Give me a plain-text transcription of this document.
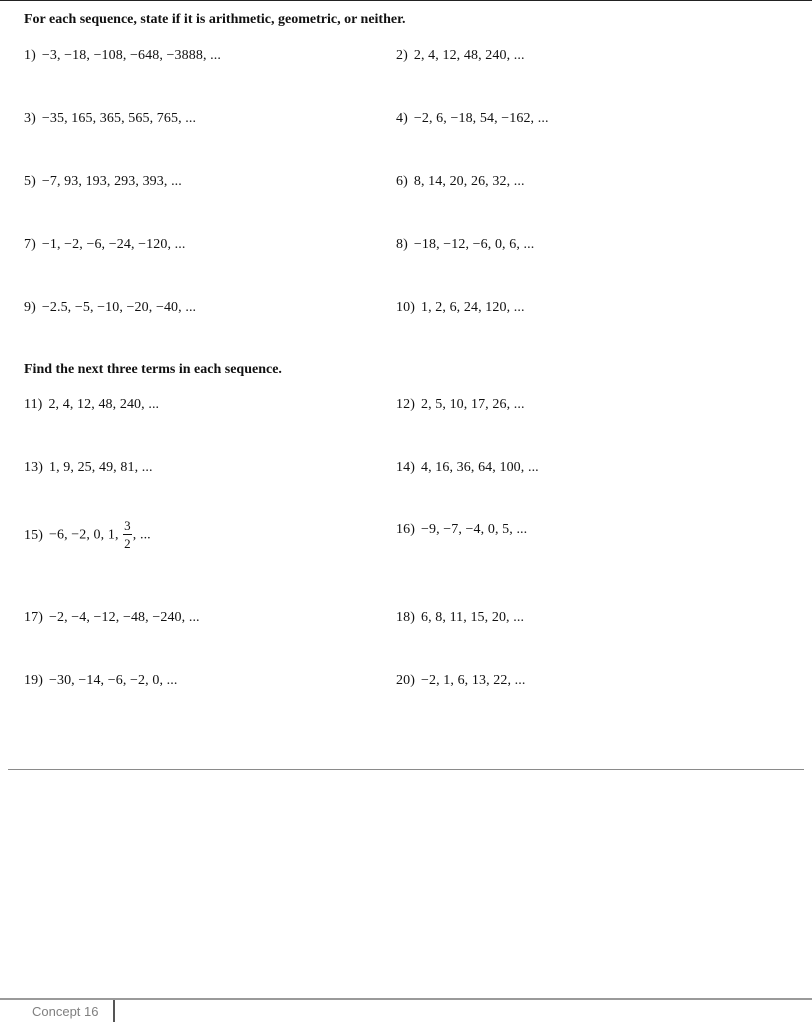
For each sequence, state if it is arithmetic, geometric, or neither.
1) −3, −18, −108, −648, −3888, ...	2) 2, 4, 12, 48, 240, ...
3) −35, 165, 365, 565, 765, ...	4) −2, 6, −18, 54, −162, ...
5) −7, 93, 193, 293, 393, ...	6) 8, 14, 20, 26, 32, ...
7) −1, −2, −6, −24, −120, ...	8) −18, −12, −6, 0, 6, ...
9) −2.5, −5, −10, −20, −40, ...	10) 1, 2, 6, 24, 120, ...
Find the next three terms in each sequence.
11) 2, 4, 12, 48, 240, ...	12) 2, 5, 10, 17, 26, ...
13) 1, 9, 25, 49, 81, ...	14) 4, 16, 36, 64, 100, ...
15) −6, −2, 0, 1, $\frac{3}{2}$ , ...	16) −9, −7, −4, 0, 5, ...
17) −2, −4, −12, −48, −240, ...	18) 6, 8, 11, 15, 20, ...
19) −30, −14, −6, −2, 0, ...	20) −2, 1, 6, 13, 22, ...
Concept 16
